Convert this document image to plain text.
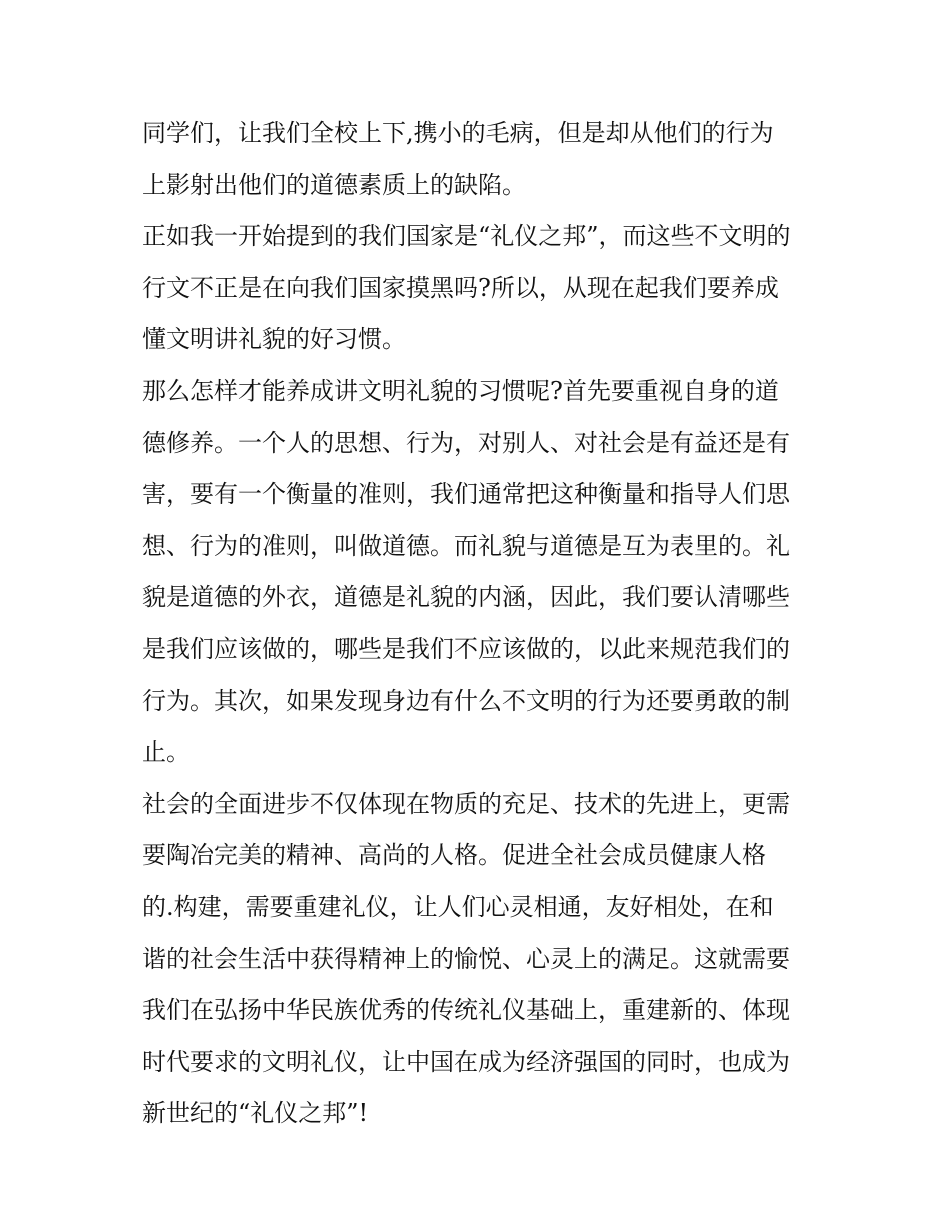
同学们，让我们全校上下,携小的毛病，但是却从他们的行为
上影射出他们的道德素质上的缺陷。
正如我一开始提到的我们国家是“礼仪之邦”，而这些不文明的
行文不正是在向我们国家摸黑吗?所以，从现在起我们要养成
懂文明讲礼貌的好习惯。
那么怎样才能养成讲文明礼貌的习惯呢?首先要重视自身的道
德修养。一个人的思想、行为，对别人、对社会是有益还是有
害，要有一个衡量的准则，我们通常把这种衡量和指导人们思
想、行为的准则，叫做道德。而礼貌与道德是互为表里的。礼
貌是道德的外衣，道德是礼貌的内涵，因此，我们要认清哪些
是我们应该做的，哪些是我们不应该做的，以此来规范我们的
行为。其次，如果发现身边有什么不文明的行为还要勇敢的制
止。
社会的全面进步不仅体现在物质的充足、技术的先进上，更需
要陶冶完美的精神、高尚的人格。促进全社会成员健康人格
的.构建，需要重建礼仪，让人们心灵相通，友好相处，在和
谐的社会生活中获得精神上的愉悦、心灵上的满足。这就需要
我们在弘扬中华民族优秀的传统礼仪基础上，重建新的、体现
时代要求的文明礼仪，让中国在成为经济强国的同时，也成为
新世纪的“礼仪之邦”!
